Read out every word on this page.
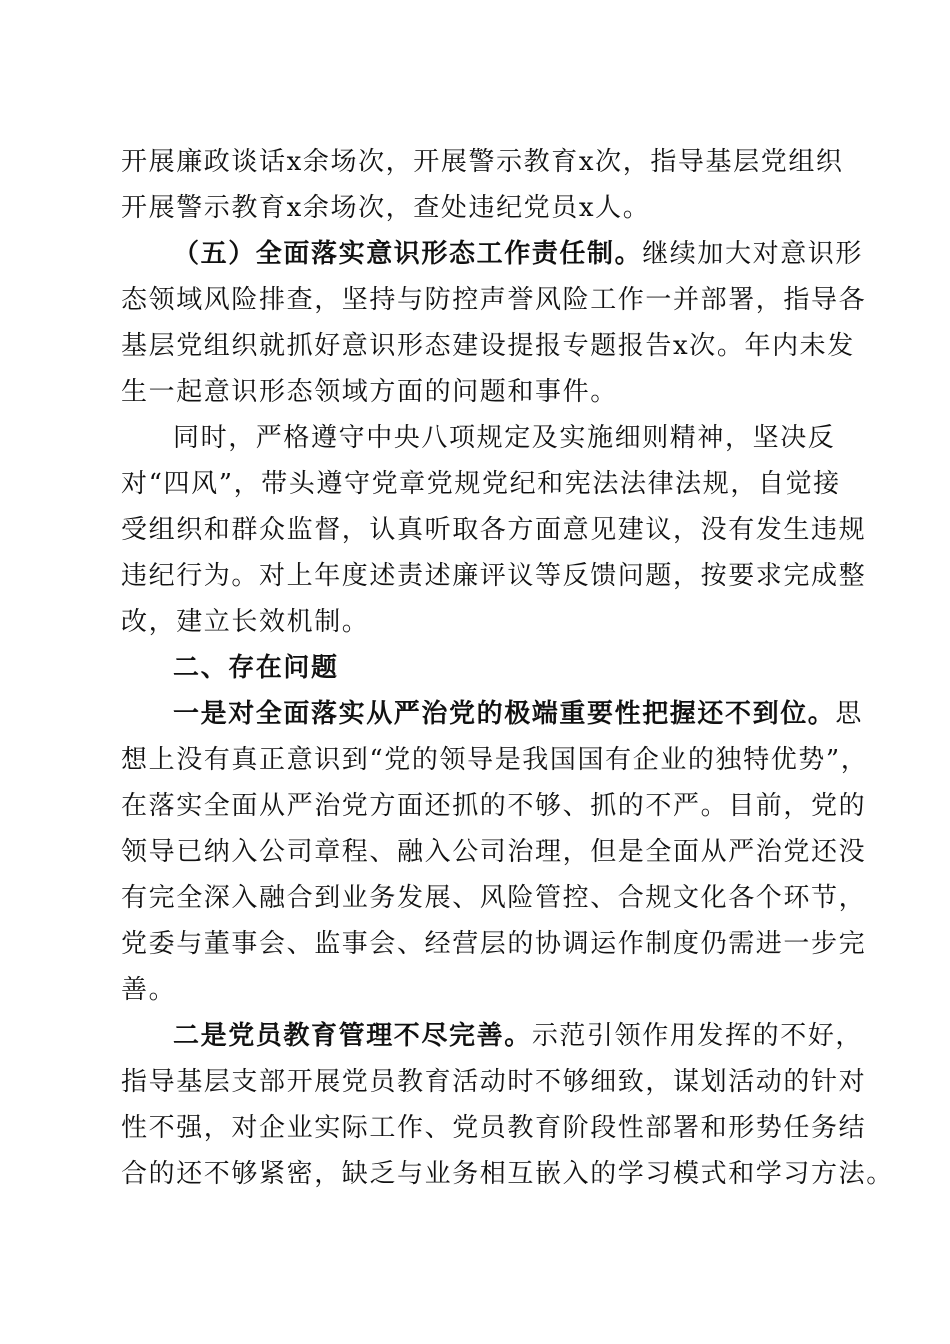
开展廉政谈话x余场次，开展警示教育x次，指导基层党组织
开展警示教育x余场次，查处违纪党员x人。
（五）全面落实意识形态工作责任制。继续加大对意识形
态领域风险排查，坚持与防控声誉风险工作一并部署，指导各
基层党组织就抓好意识形态建设提报专题报告x次。年内未发
生一起意识形态领域方面的问题和事件。
同时，严格遵守中央八项规定及实施细则精神，坚决反
对“四风”，带头遵守党章党规党纪和宪法法律法规，自觉接
受组织和群众监督，认真听取各方面意见建议，没有发生违规
违纪行为。对上年度述责述廉评议等反馈问题，按要求完成整
改，建立长效机制。
二、存在问题
一是对全面落实从严治党的极端重要性把握还不到位。思
想上没有真正意识到“党的领导是我国国有企业的独特优势”，
在落实全面从严治党方面还抓的不够、抓的不严。目前，党的
领导已纳入公司章程、融入公司治理，但是全面从严治党还没
有完全深入融合到业务发展、风险管控、合规文化各个环节，
党委与董事会、监事会、经营层的协调运作制度仍需进一步完
善。
二是党员教育管理不尽完善。示范引领作用发挥的不好，
指导基层支部开展党员教育活动时不够细致，谋划活动的针对
性不强，对企业实际工作、党员教育阶段性部署和形势任务结
合的还不够紧密，缺乏与业务相互嵌入的学习模式和学习方法。
